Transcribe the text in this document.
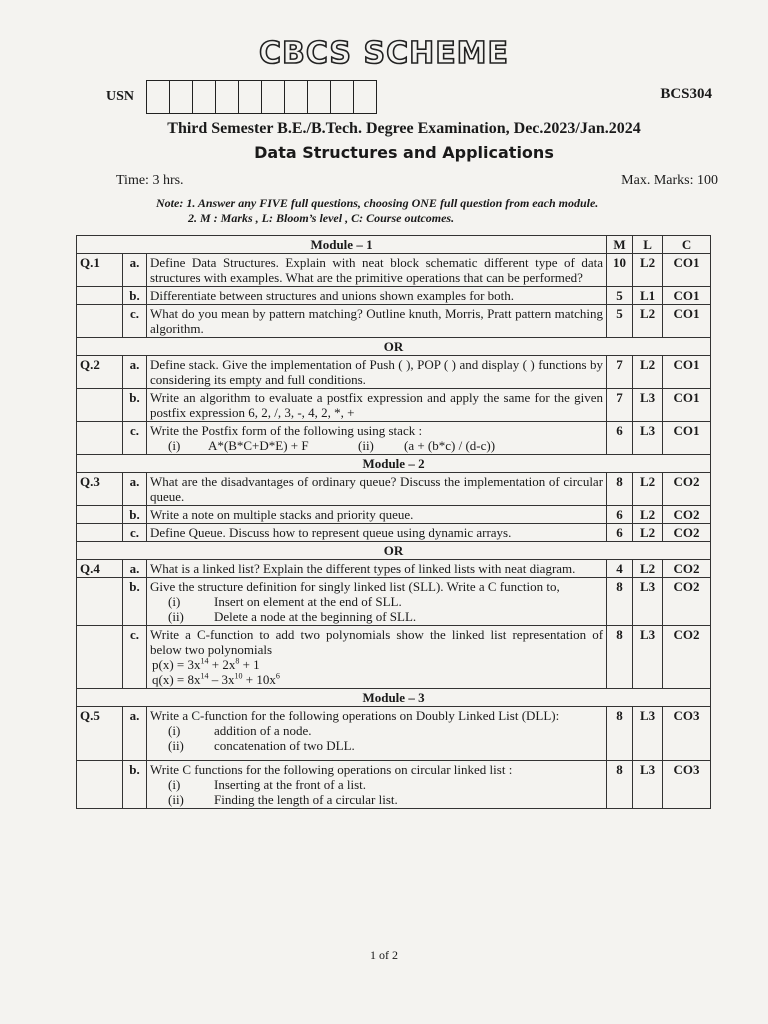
CBCS SCHEME
USN	BCS304
Third Semester B.E./B.Tech. Degree Examination, Dec.2023/Jan.2024
Data Structures and Applications
Time: 3 hrs.	Max. Marks: 100
Note: 1. Answer any FIVE full questions, choosing ONE full question from each module.
2. M : Marks , L: Bloom’s level , C: Course outcomes.
Module – 1			M	L	C
Q.1	a.	Define Data Structures. Explain with neat block schematic different type of data structures with examples. What are the primitive operations that can be performed?	10	L2	CO1
	b.	Differentiate between structures and unions shown examples for both.	5	L1	CO1
	c.	What do you mean by pattern matching? Outline knuth, Morris, Pratt pattern matching algorithm.	5	L2	CO1
OR					
Q.2	a.	Define stack. Give the implementation of Push ( ), POP ( ) and display ( ) functions by considering its empty and full conditions.	7	L2	CO1
	b.	Write an algorithm to evaluate a postfix expression and apply the same for the given postfix expression 6, 2, /, 3, -, 4, 2, *, +	7	L3	CO1
	c.	Write the Postfix form of the following using stack :
(i) A*(B*C+D*E) + F (ii) (a + (b*c) / (d-c))	6	L3	CO1
Module – 2					
Q.3	a.	What are the disadvantages of ordinary queue? Discuss the implementation of circular queue.	8	L2	CO2
	b.	Write a note on multiple stacks and priority queue.	6	L2	CO2
	c.	Define Queue. Discuss how to represent queue using dynamic arrays.	6	L2	CO2
OR					
Q.4	a.	What is a linked list? Explain the different types of linked lists with neat diagram.	4	L2	CO2
	b.	Give the structure definition for singly linked list (SLL). Write a C function to,
(i) Insert on element at the end of SLL.
(ii) Delete a node at the beginning of SLL.	8	L3	CO2
	c.	Write a C-function to add two polynomials show the linked list representation of below two polynomials
$p(x) = 3x^{14} + 2x^8 + 1$
$q(x) = 8x^{14} - 3x^{10} + 10x^6$	8	L3	CO2
Module – 3					
Q.5	a.	Write a C-function for the following operations on Doubly Linked List (DLL):
(i) addition of a node.
(ii) concatenation of two DLL.	8	L3	CO3
	b.	Write C functions for the following operations on circular linked list :
(i) Inserting at the front of a list.
(ii) Finding the length of a circular list.	8	L3	CO3
1 of 2
